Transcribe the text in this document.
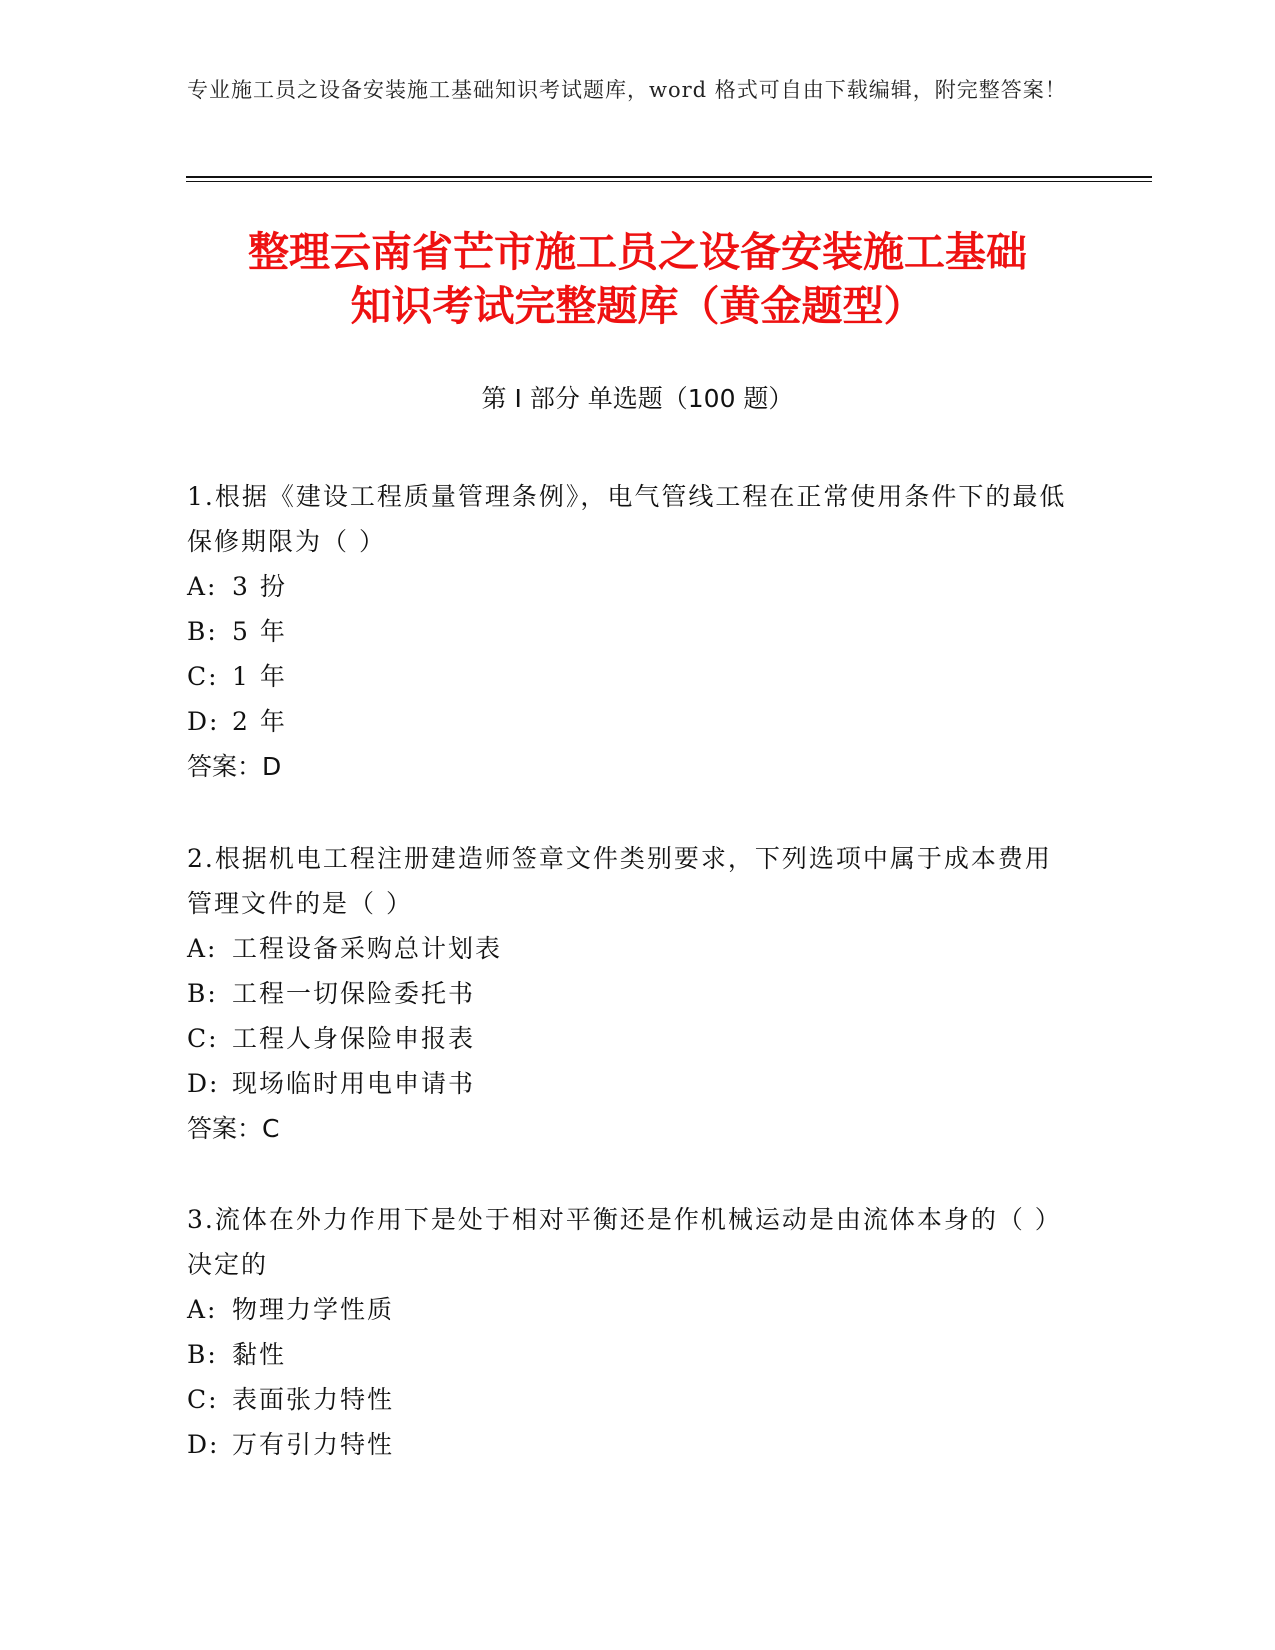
专业施工员之设备安装施工基础知识考试题库，word 格式可自由下载编辑，附完整答案！
整理云南省芒市施工员之设备安装施工基础
知识考试完整题库（黄金题型）
第 I 部分 单选题（100 题）
1.根据《建设工程质量管理条例》，电气管线工程在正常使用条件下的最低保修期限为（ ）
A: 3 扮
B: 5 年
C: 1 年
D: 2 年
答案：D
2.根据机电工程注册建造师签章文件类别要求，下列选项中属于成本费用管理文件的是（ ）
A: 工程设备采购总计划表
B: 工程一切保险委托书
C: 工程人身保险申报表
D: 现场临时用电申请书
答案：C
3.流体在外力作用下是处于相对平衡还是作机械运动是由流体本身的（ ）决定的
A: 物理力学性质
B: 黏性
C: 表面张力特性
D: 万有引力特性
